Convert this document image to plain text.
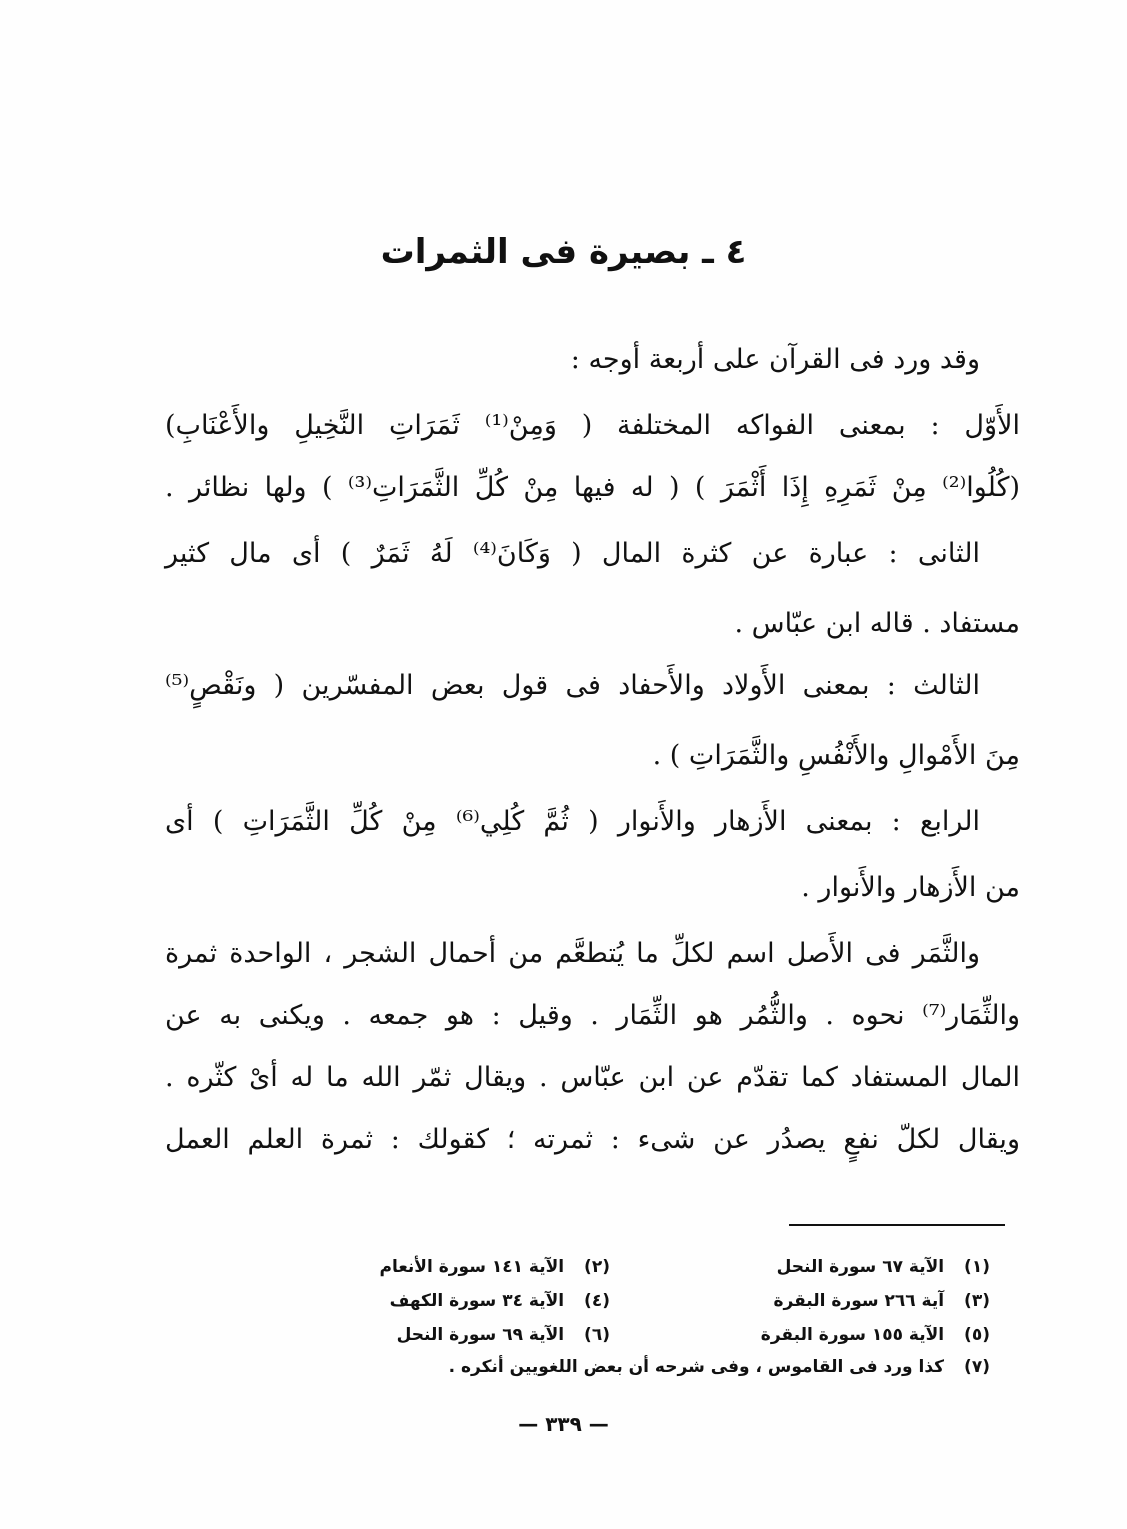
٤ ـ بصيرة فى الثمرات
وقد ورد فى القرآن على أربعة أوجه :
الأَوّل : بمعنى الفواكه المختلفة ( وَمِنْ⁽¹⁾ ثَمَرَاتِ النَّخِيلِ والأَعْنَابِ)
(كُلُوا⁽²⁾ مِنْ ثَمَرِهِ إِذَا أَثْمَرَ ) ( له فيها مِنْ كُلِّ الثَّمَرَاتِ⁽³⁾ ) ولها نظائر .
الثانى : عبارة عن كثرة المال ( وَكَانَ⁽⁴⁾ لَهُ ثَمَرٌ ) أى مال كثير
مستفاد . قاله ابن عبّاس .
الثالث : بمعنى الأَولاد والأَحفاد فى قول بعض المفسّرين ( ونَقْصٍ⁽⁵⁾
مِنَ الأَمْوالِ والأَنْفُسِ والثَّمَرَاتِ ) .
الرابع : بمعنى الأَزهار والأَنوار ( ثُمَّ كُلِي⁽⁶⁾ مِنْ كُلِّ الثَّمَرَاتِ ) أى
من الأَزهار والأَنوار .
والثَّمَر فى الأَصل اسم لكلِّ ما يُتطعَّم من أحمال الشجر ، الواحدة ثمرة
والثِّمَار⁽⁷⁾ نحوه . والثُّمُر هو الثِّمَار . وقيل : هو جمعه . ويكنى به عن
المال المستفاد كما تقدّم عن ابن عبّاس . ويقال ثمّر الله ما له أىْ كثّره .
ويقال لكلّ نفعٍ يصدُر عن شىء : ثمرته ؛ كقولك : ثمرة العلم العمل
(١) الآية ٦٧ سورة النحل
(٢) الآية ١٤١ سورة الأنعام
(٣) آية ٢٦٦ سورة البقرة
(٤) الآية ٣٤ سورة الكهف
(٥) الآية ١٥٥ سورة البقرة
(٦) الآية ٦٩ سورة النحل
(٧) كذا ورد فى القاموس ، وفى شرحه أن بعض اللغويين أنكره .
— ٣٣٩ —
